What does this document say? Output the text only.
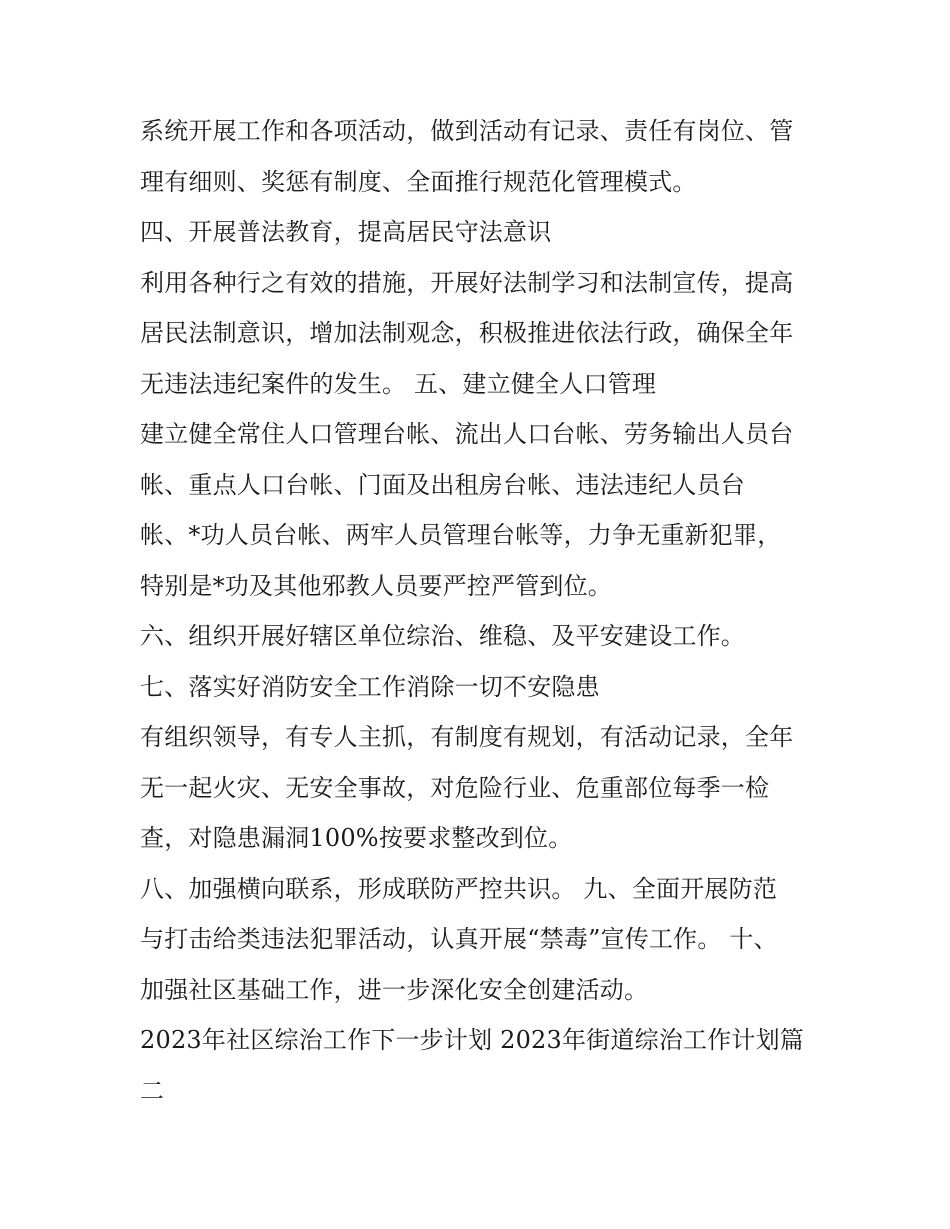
系统开展工作和各项活动，做到活动有记录、责任有岗位、管
理有细则、奖惩有制度、全面推行规范化管理模式。
四、开展普法教育，提高居民守法意识
利用各种行之有效的措施，开展好法制学习和法制宣传，提高
居民法制意识，增加法制观念，积极推进依法行政，确保全年
无违法违纪案件的发生。 五、建立健全人口管理
建立健全常住人口管理台帐、流出人口台帐、劳务输出人员台
帐、重点人口台帐、门面及出租房台帐、违法违纪人员台
帐、*功人员台帐、两牢人员管理台帐等，力争无重新犯罪，
特别是*功及其他邪教人员要严控严管到位。
六、组织开展好辖区单位综治、维稳、及平安建设工作。
七、落实好消防安全工作消除一切不安隐患
有组织领导，有专人主抓，有制度有规划，有活动记录，全年
无一起火灾、无安全事故，对危险行业、危重部位每季一检
查，对隐患漏洞100%按要求整改到位。
八、加强横向联系，形成联防严控共识。 九、全面开展防范
与打击给类违法犯罪活动，认真开展“禁毒”宣传工作。 十、
加强社区基础工作，进一步深化安全创建活动。
2023年社区综治工作下一步计划 2023年街道综治工作计划篇
二
